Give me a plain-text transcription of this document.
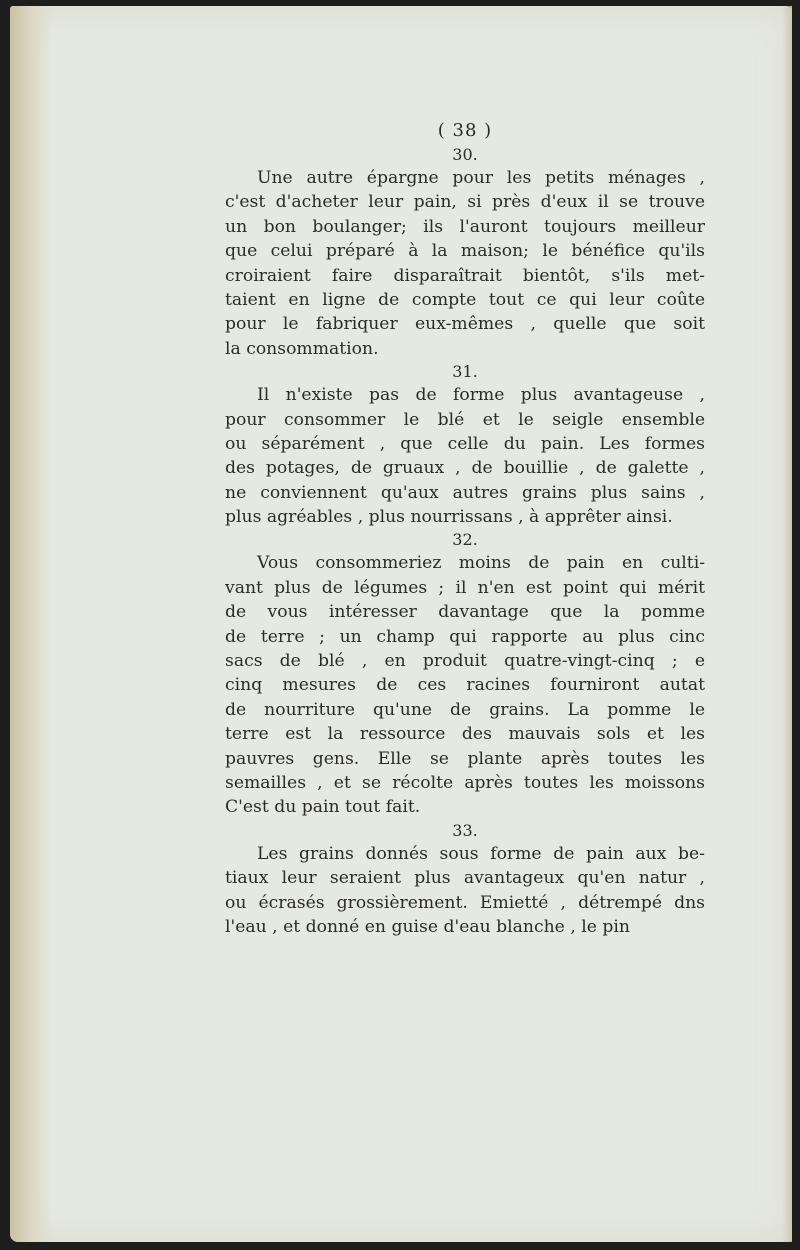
( 38 )
30.

Une autre épargne pour les petits ménages ,
c'est d'acheter leur pain, si près d'eux il se trouve
un bon boulanger; ils l'auront toujours meilleur
que celui préparé à la maison; le bénéfice qu'ils
croiraient faire disparaîtrait bientôt, s'ils met-
taient en ligne de compte tout ce qui leur coûte
pour le fabriquer eux-mêmes , quelle que soit
la consommation.

31.

Il n'existe pas de forme plus avantageuse ,
pour consommer le blé et le seigle ensemble
ou séparément , que celle du pain. Les formes
des potages, de gruaux , de bouillie , de galette ,
ne conviennent qu'aux autres grains plus sains ,
plus agréables , plus nourrissans , à apprêter ainsi.

32.

Vous consommeriez moins de pain en culti-
vant plus de légumes ; il n'en est point qui mérit
de vous intéresser davantage que la pomme
de terre ; un champ qui rapporte au plus cinc
sacs de blé , en produit quatre-vingt-cinq ; e
cinq mesures de ces racines fourniront autat
de nourriture qu'une de grains. La pomme le
terre est la ressource des mauvais sols et les
pauvres gens. Elle se plante après toutes les
semailles , et se récolte après toutes les moissons
C'est du pain tout fait.

33.

Les grains donnés sous forme de pain aux be-
tiaux leur seraient plus avantageux qu'en natur ,
ou écrasés grossièrement. Emietté , détrempé dns
l'eau , et donné en guise d'eau blanche , le pin
